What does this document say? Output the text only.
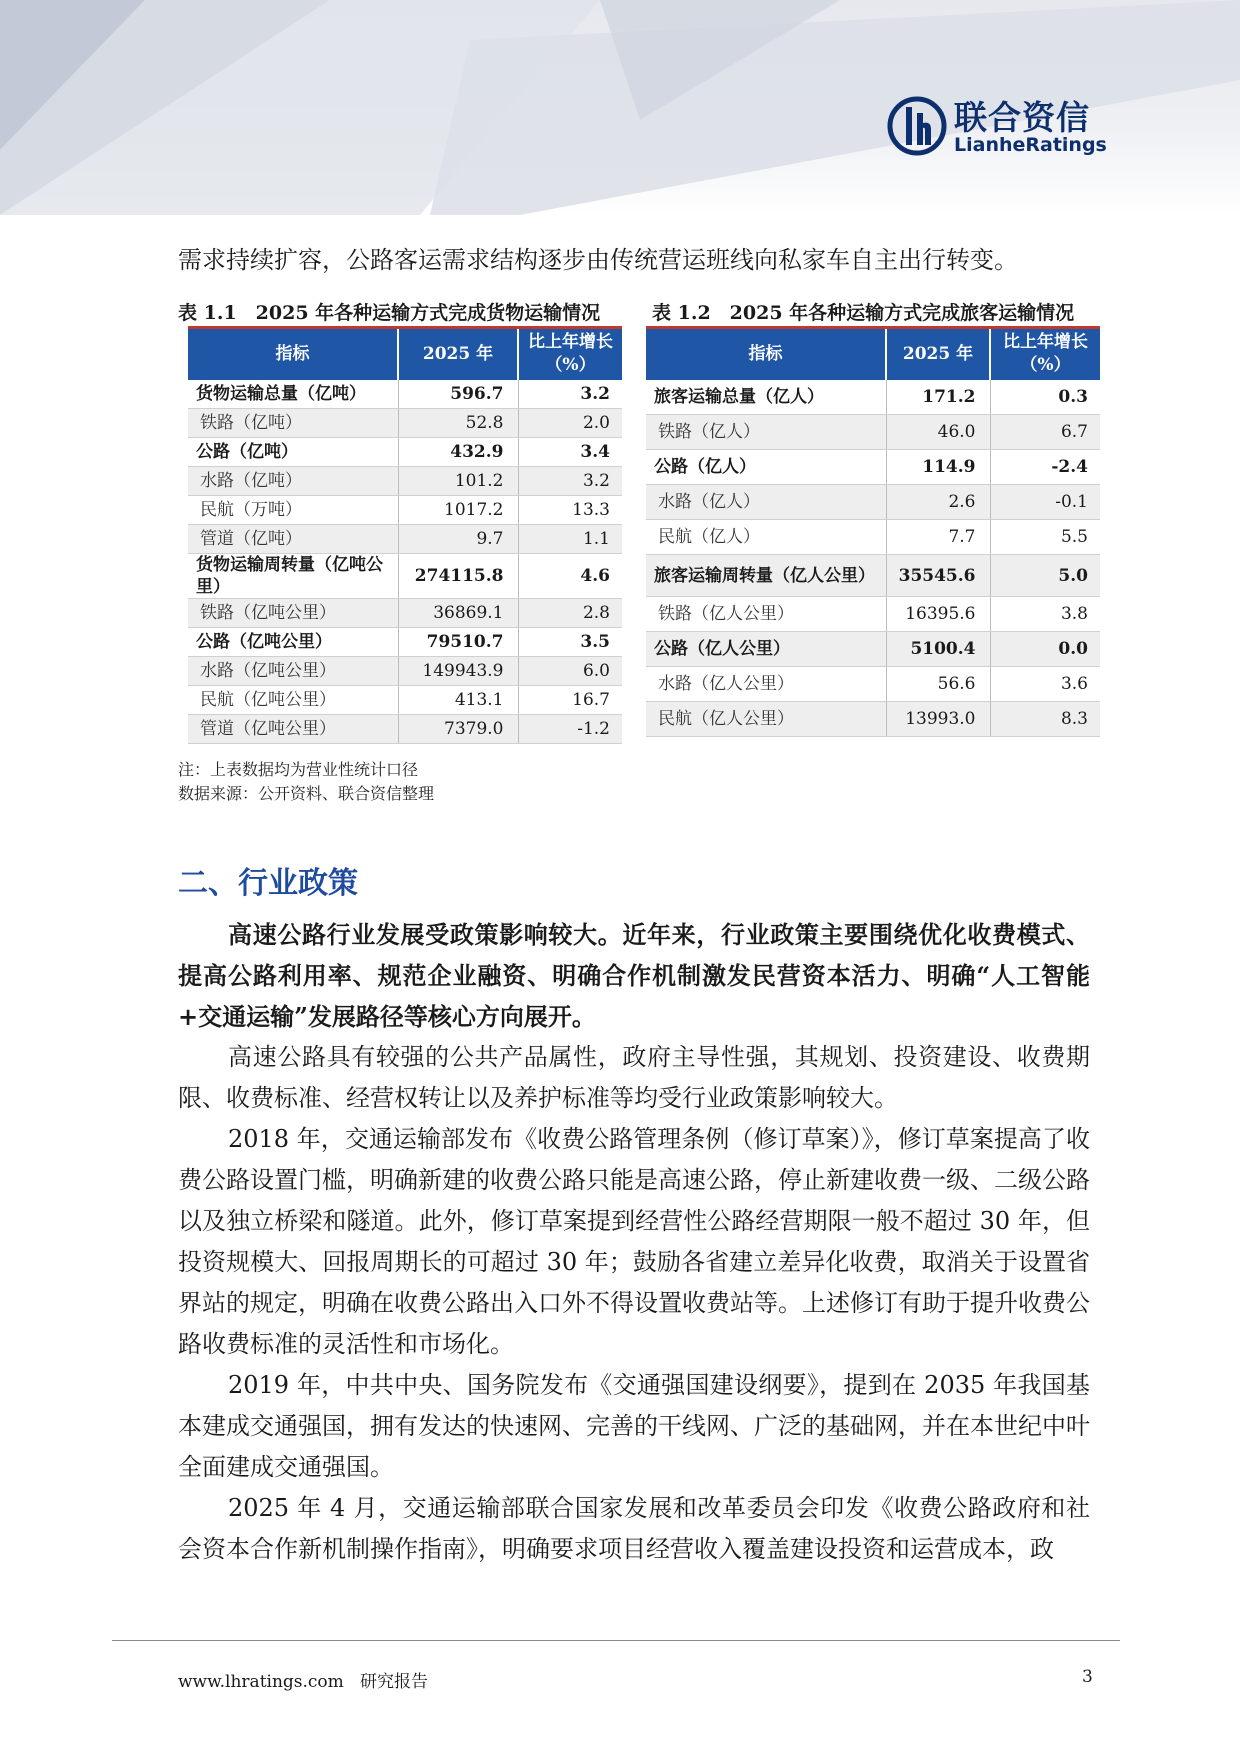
联合资信
LianheRatings

需求持续扩容，公路客运需求结构逐步由传统营运班线向私家车自主出行转变。

表 1.1　2025 年各种运输方式完成货物运输情况	表 1.2　2025 年各种运输方式完成旅客运输情况
指标	2025 年	比上年增长（%）
货物运输总量（亿吨）	596.7	3.2
铁路（亿吨）	52.8	2.0
公路（亿吨）	432.9	3.4
水路（亿吨）	101.2	3.2
民航（万吨）	1017.2	13.3
管道（亿吨）	9.7	1.1
货物运输周转量（亿吨公里）	274115.8	4.6
铁路（亿吨公里）	36869.1	2.8
公路（亿吨公里）	79510.7	3.5
水路（亿吨公里）	149943.9	6.0
民航（亿吨公里）	413.1	16.7
管道（亿吨公里）	7379.0	-1.2
指标	2025 年	比上年增长（%）
旅客运输总量（亿人）	171.2	0.3
铁路（亿人）	46.0	6.7
公路（亿人）	114.9	-2.4
水路（亿人）	2.6	-0.1
民航（亿人）	7.7	5.5
旅客运输周转量（亿人公里）	35545.6	5.0
铁路（亿人公里）	16395.6	3.8
公路（亿人公里）	5100.4	0.0
水路（亿人公里）	56.6	3.6
民航（亿人公里）	13993.0	8.3
注：上表数据均为营业性统计口径
数据来源：公开资料、联合资信整理
二、行业政策

高速公路行业发展受政策影响较大。近年来，行业政策主要围绕优化收费模式、提高公路利用率、规范企业融资、明确合作机制激发民营资本活力、明确“人工智能+交通运输”发展路径等核心方向展开。

高速公路具有较强的公共产品属性，政府主导性强，其规划、投资建设、收费期限、收费标准、经营权转让以及养护标准等均受行业政策影响较大。

2018 年，交通运输部发布《收费公路管理条例（修订草案）》，修订草案提高了收费公路设置门槛，明确新建的收费公路只能是高速公路，停止新建收费一级、二级公路以及独立桥梁和隧道。此外，修订草案提到经营性公路经营期限一般不超过 30 年，但投资规模大、回报周期长的可超过 30 年；鼓励各省建立差异化收费，取消关于设置省界站的规定，明确在收费公路出入口外不得设置收费站等。上述修订有助于提升收费公路收费标准的灵活性和市场化。

2019 年，中共中央、国务院发布《交通强国建设纲要》，提到在 2035 年我国基本建成交通强国，拥有发达的快速网、完善的干线网、广泛的基础网，并在本世纪中叶全面建成交通强国。

2025 年 4 月，交通运输部联合国家发展和改革委员会印发《收费公路政府和社会资本合作新机制操作指南》，明确要求项目经营收入覆盖建设投资和运营成本，政

www.lhratings.com 研究报告	3
